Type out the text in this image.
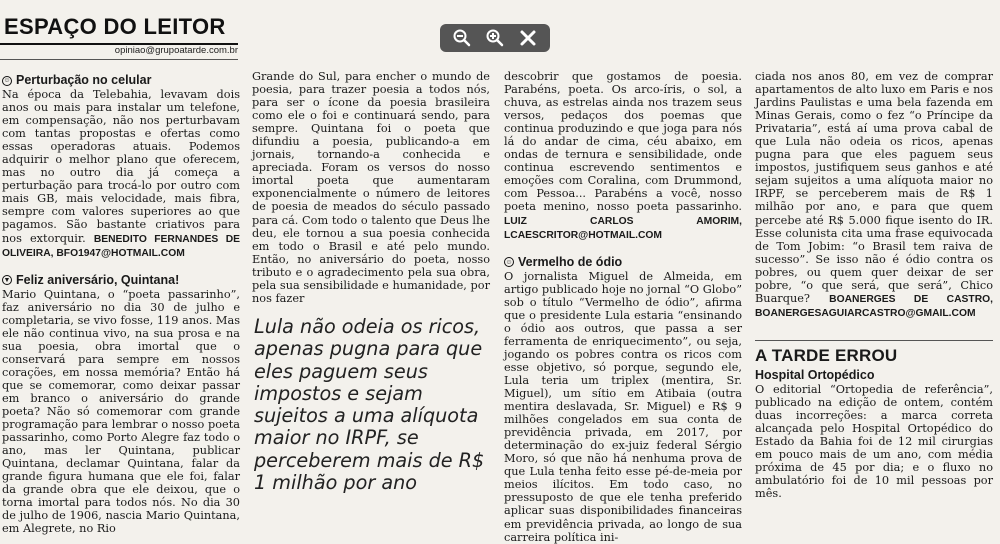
ESPAÇO DO LEITOR
opiniao@grupoatarde.com.br
☺ Perturbação no celular

Na época da Telebahia, levavam dois anos ou mais para instalar um telefone, em compensação, não nos perturbavam com tantas propostas e ofertas como essas operadoras atuais. Podemos adquirir o melhor plano que oferecem, mas no outro dia já começa a perturbação para trocá-lo por outro com mais GB, mais velocidade, mais fibra, sempre com valores superiores ao que pagamos. São bastante criativos para nos extorquir. BENEDITO FERNANDES DE OLIVEIRA, BFO1947@HOTMAIL.COM

▼ Feliz aniversário, Quintana!

Mario Quintana, o “poeta passarinho”, faz aniversário no dia 30 de julho e completaria, se vivo fosse, 119 anos. Mas ele não continua vivo, na sua prosa e na sua poesia, obra imortal que o conservará para sempre em nossos corações, em nossa memória? Então há que se comemorar, como deixar passar em branco o aniversário do grande poeta? Não só comemorar com grande programação para lembrar o nosso poeta passarinho, como Porto Alegre faz todo o ano, mas ler Quintana, publicar Quintana, declamar Quintana, falar da grande figura humana que ele foi, falar da grande obra que ele deixou, que o torna imortal para todos nós. No dia 30 de julho de 1906, nascia Mario Quintana, em Alegrete, no Rio

Grande do Sul, para encher o mundo de poesia, para trazer poesia a todos nós, para ser o ícone da poesia brasileira como ele o foi e continuará sendo, para sempre. Quintana foi o poeta que difundiu a poesia, publicando-a em jornais, tornando-a conhecida e apreciada. Foram os versos do nosso imortal poeta que aumentaram exponencialmente o número de leitores de poesia de meados do século passado para cá. Com todo o talento que Deus lhe deu, ele tornou a sua poesia conhecida em todo o Brasil e até pelo mundo. Então, no aniversário do poeta, nosso tributo e o agradecimento pela sua obra, pela sua sensibilidade e humanidade, por nos fazer

Lula não odeia os ricos, apenas pugna para que eles paguem seus impostos e sejam sujeitos a uma alíquota maior no IRPF, se perceberem mais de R$ 1 milhão por ano

descobrir que gostamos de poesia. Parabéns, poeta. Os arco-íris, o sol, a chuva, as estrelas ainda nos trazem seus versos, pedaços dos poemas que continua produzindo e que joga para nós lá do andar de cima, céu abaixo, em ondas de ternura e sensibilidade, onde continua escrevendo sentimentos e emoções com Coralina, com Drummond, com Pessoa... Parabéns a você, nosso poeta menino, nosso poeta passarinho. LUIZ CARLOS AMORIM, LCAESCRITOR@HOTMAIL.COM

☺ Vermelho de ódio

O jornalista Miguel de Almeida, em artigo publicado hoje no jornal “O Globo” sob o título “Vermelho de ódio”, afirma que o presidente Lula estaria “ensinando o ódio aos outros, que passa a ser ferramenta de enriquecimento”, ou seja, jogando os pobres contra os ricos com esse objetivo, só porque, segundo ele, Lula teria um triplex (mentira, Sr. Miguel), um sítio em Atibaia (outra mentira deslavada, Sr. Miguel) e R$ 9 milhões congelados em sua conta de previdência privada, em 2017, por determinação do ex-juiz federal Sérgio Moro, só que não há nenhuma prova de que Lula tenha feito esse pé-de-meia por meios ilícitos. Em todo caso, no pressuposto de que ele tenha preferido aplicar suas disponibilidades financeiras em previdência privada, ao longo de sua carreira política ini-

ciada nos anos 80, em vez de comprar apartamentos de alto luxo em Paris e nos Jardins Paulistas e uma bela fazenda em Minas Gerais, como o fez “o Príncipe da Privataria”, está aí uma prova cabal de que Lula não odeia os ricos, apenas pugna para que eles paguem seus impostos, justifiquem seus ganhos e até sejam sujeitos a uma alíquota maior no IRPF, se perceberem mais de R$ 1 milhão por ano, e para que quem percebe até R$ 5.000 fique isento do IR. Esse colunista cita uma frase equivocada de Tom Jobim: “o Brasil tem raiva de sucesso”. Se isso não é ódio contra os pobres, ou quem quer deixar de ser pobre, “o que será, que será”, Chico Buarque? BOANERGES DE CASTRO, BOANERGESAGUIARCASTRO@GMAIL.COM

A TARDE ERROU
Hospital Ortopédico

O editorial “Ortopedia de referência”, publicado na edição de ontem, contém duas incorreções: a marca correta alcançada pelo Hospital Ortopédico do Estado da Bahia foi de 12 mil cirurgias em pouco mais de um ano, com média próxima de 45 por dia; e o fluxo no ambulatório foi de 10 mil pessoas por mês.
